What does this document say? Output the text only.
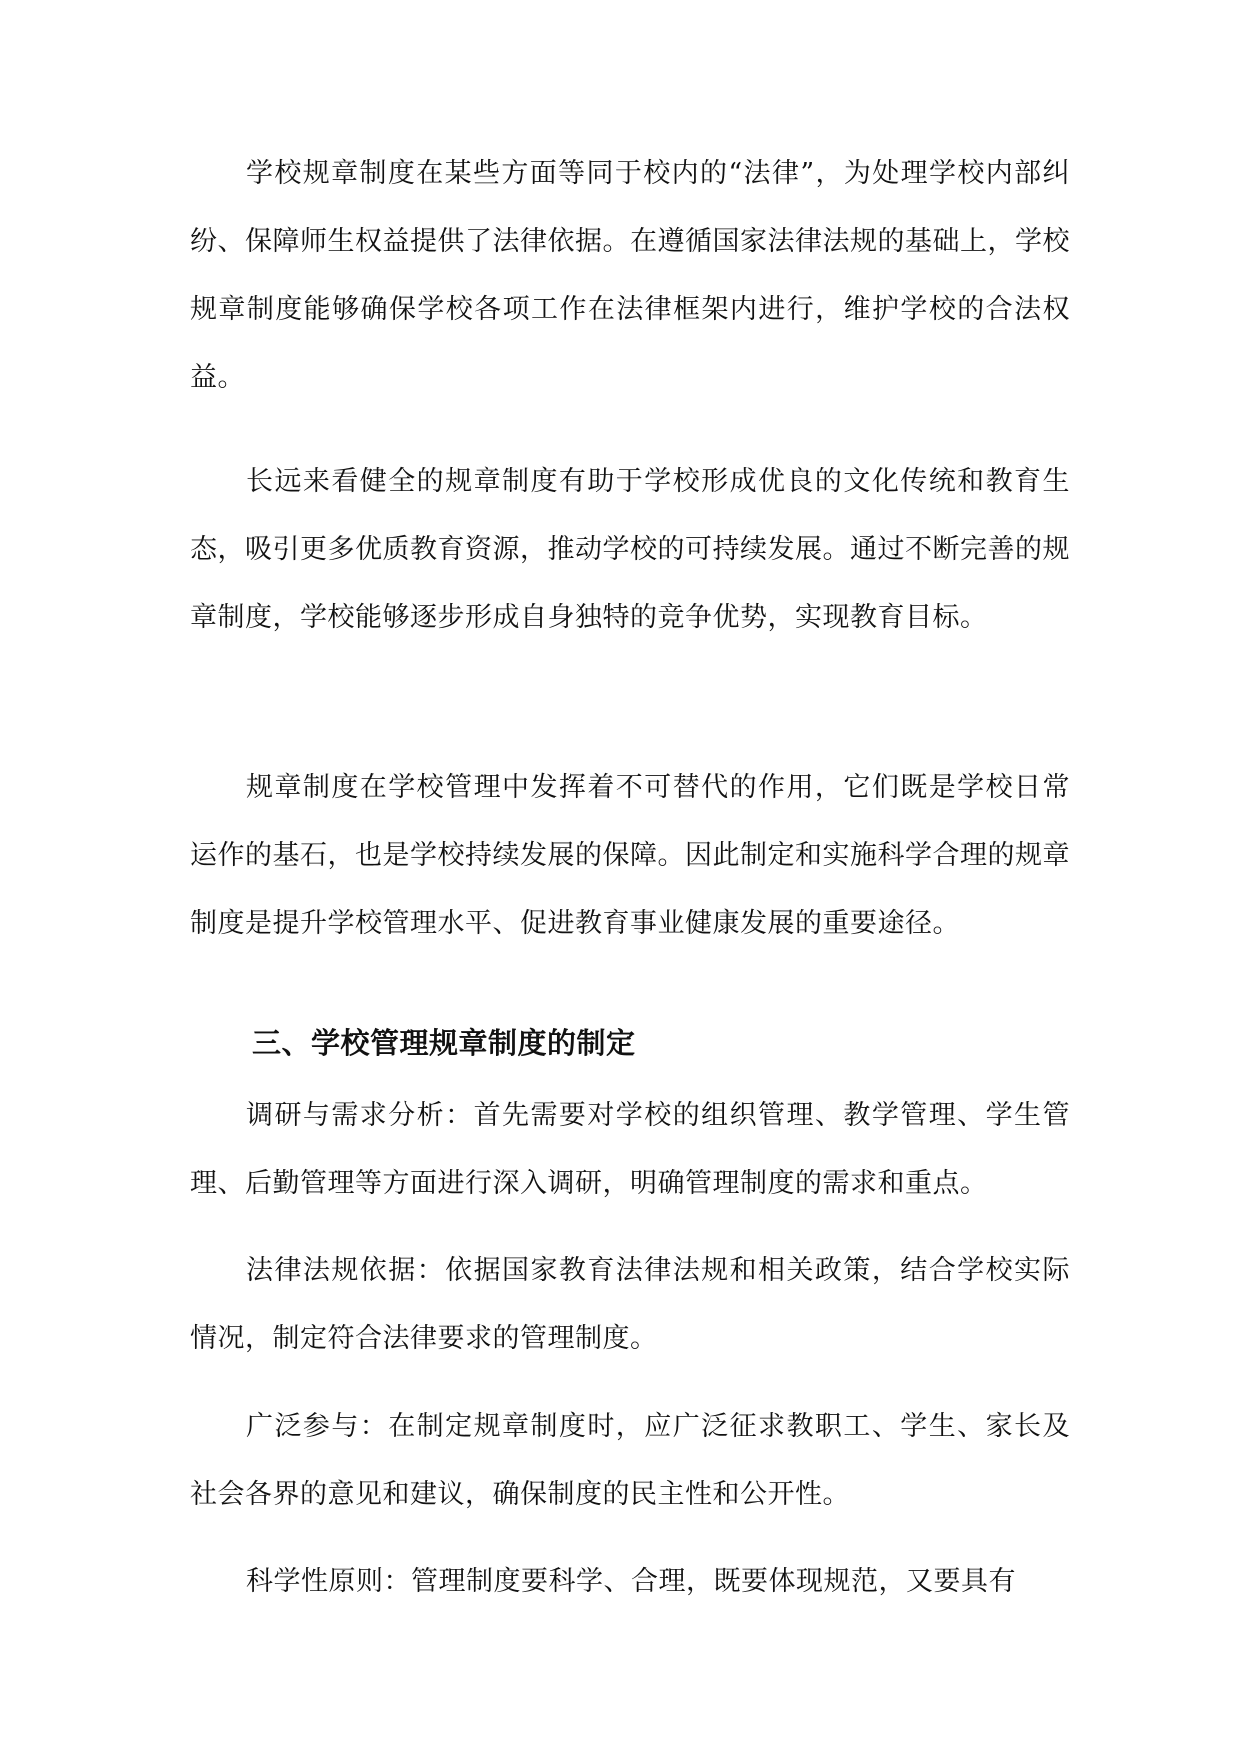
学校规章制度在某些方面等同于校内的“法律”，为处理学校内部纠纷、保障师生权益提供了法律依据。在遵循国家法律法规的基础上，学校规章制度能够确保学校各项工作在法律框架内进行，维护学校的合法权益。

长远来看健全的规章制度有助于学校形成优良的文化传统和教育生态，吸引更多优质教育资源，推动学校的可持续发展。通过不断完善的规章制度，学校能够逐步形成自身独特的竞争优势，实现教育目标。

规章制度在学校管理中发挥着不可替代的作用，它们既是学校日常运作的基石，也是学校持续发展的保障。因此制定和实施科学合理的规章制度是提升学校管理水平、促进教育事业健康发展的重要途径。

三、学校管理规章制度的制定

调研与需求分析：首先需要对学校的组织管理、教学管理、学生管理、后勤管理等方面进行深入调研，明确管理制度的需求和重点。

法律法规依据：依据国家教育法律法规和相关政策，结合学校实际情况，制定符合法律要求的管理制度。

广泛参与：在制定规章制度时，应广泛征求教职工、学生、家长及社会各界的意见和建议，确保制度的民主性和公开性。

科学性原则：管理制度要科学、合理，既要体现规范，又要具有
